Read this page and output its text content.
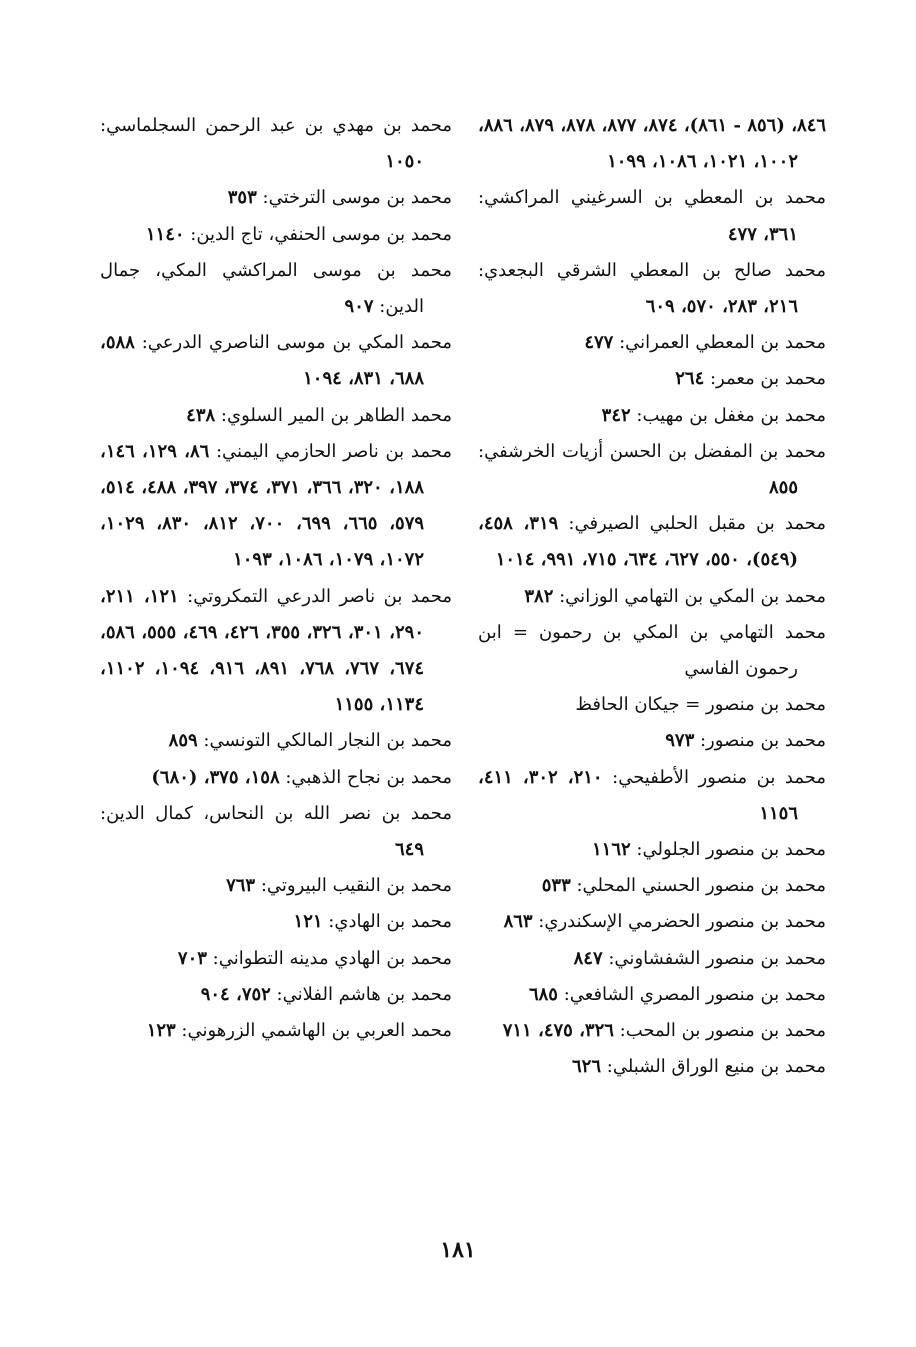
٨٤٦، (٨٥٦ - ٨٦١)، ٨٧٤، ٨٧٧، ٨٧٨، ٨٧٩، ٨٨٦، ١٠٠٢، ١٠٢١، ١٠٨٦، ١٠٩٩
محمد بن المعطي بن السرغيني المراكشي: ٣٦١، ٤٧٧
محمد صالح بن المعطي الشرقي البجعدي: ٢١٦، ٢٨٣، ٥٧٠، ٦٠٩
محمد بن المعطي العمراني: ٤٧٧
محمد بن معمر: ٢٦٤
محمد بن مغفل بن مهيب: ٣٤٢
محمد بن المفضل بن الحسن أزيات الخرشفي: ٨٥٥
محمد بن مقبل الحلبي الصيرفي: ٣١٩، ٤٥٨، (٥٤٩)، ٥٥٠، ٦٢٧، ٦٣٤، ٧١٥، ٩٩١، ١٠١٤
محمد بن المكي بن التهامي الوزاني: ٣٨٢
محمد التهامي بن المكي بن رحمون = ابن رحمون الفاسي
محمد بن منصور = جيكان الحافظ
محمد بن منصور: ٩٧٣
محمد بن منصور الأطفيحي: ٢١٠، ٣٠٢، ٤١١، ١١٥٦
محمد بن منصور الجلولي: ١١٦٢
محمد بن منصور الحسني المحلي: ٥٣٣
محمد بن منصور الحضرمي الإسكندري: ٨٦٣
محمد بن منصور الشفشاوني: ٨٤٧
محمد بن منصور المصري الشافعي: ٦٨٥
محمد بن منصور بن المحب: ٣٢٦، ٤٧٥، ٧١١
محمد بن منيع الوراق الشبلي: ٦٢٦
محمد بن مهدي بن عبد الرحمن السجلماسي: ١٠٥٠
محمد بن موسى الترختي: ٣٥٣
محمد بن موسى الحنفي، تاج الدين: ١١٤٠
محمد بن موسى المراكشي المكي، جمال الدين: ٩٠٧
محمد المكي بن موسى الناصري الدرعي: ٥٨٨، ٦٨٨، ٨٣١، ١٠٩٤
محمد الطاهر بن المير السلوي: ٤٣٨
محمد بن ناصر الحازمي اليمني: ٨٦، ١٢٩، ١٤٦، ١٨٨، ٣٢٠، ٣٦٦، ٣٧١، ٣٧٤، ٣٩٧، ٤٨٨، ٥١٤، ٥٧٩، ٦٦٥، ٦٩٩، ٧٠٠، ٨١٢، ٨٣٠، ١٠٢٩، ١٠٧٢، ١٠٧٩، ١٠٨٦، ١٠٩٣
محمد بن ناصر الدرعي التمكروتي: ١٢١، ٢١١، ٢٩٠، ٣٠١، ٣٢٦، ٣٥٥، ٤٢٦، ٤٦٩، ٥٥٥، ٥٨٦، ٦٧٤، ٧٦٧، ٧٦٨، ٨٩١، ٩١٦، ١٠٩٤، ١١٠٢، ١١٣٤، ١١٥٥
محمد بن النجار المالكي التونسي: ٨٥٩
محمد بن نجاح الذهبي: ١٥٨، ٣٧٥، (٦٨٠)
محمد بن نصر الله بن النحاس، كمال الدين: ٦٤٩
محمد بن النقيب البيروتي: ٧٦٣
محمد بن الهادي: ١٢١
محمد بن الهادي مدينه التطواني: ٧٠٣
محمد بن هاشم الفلاني: ٧٥٢، ٩٠٤
محمد العربي بن الهاشمي الزرهوني: ١٢٣
١٨١
